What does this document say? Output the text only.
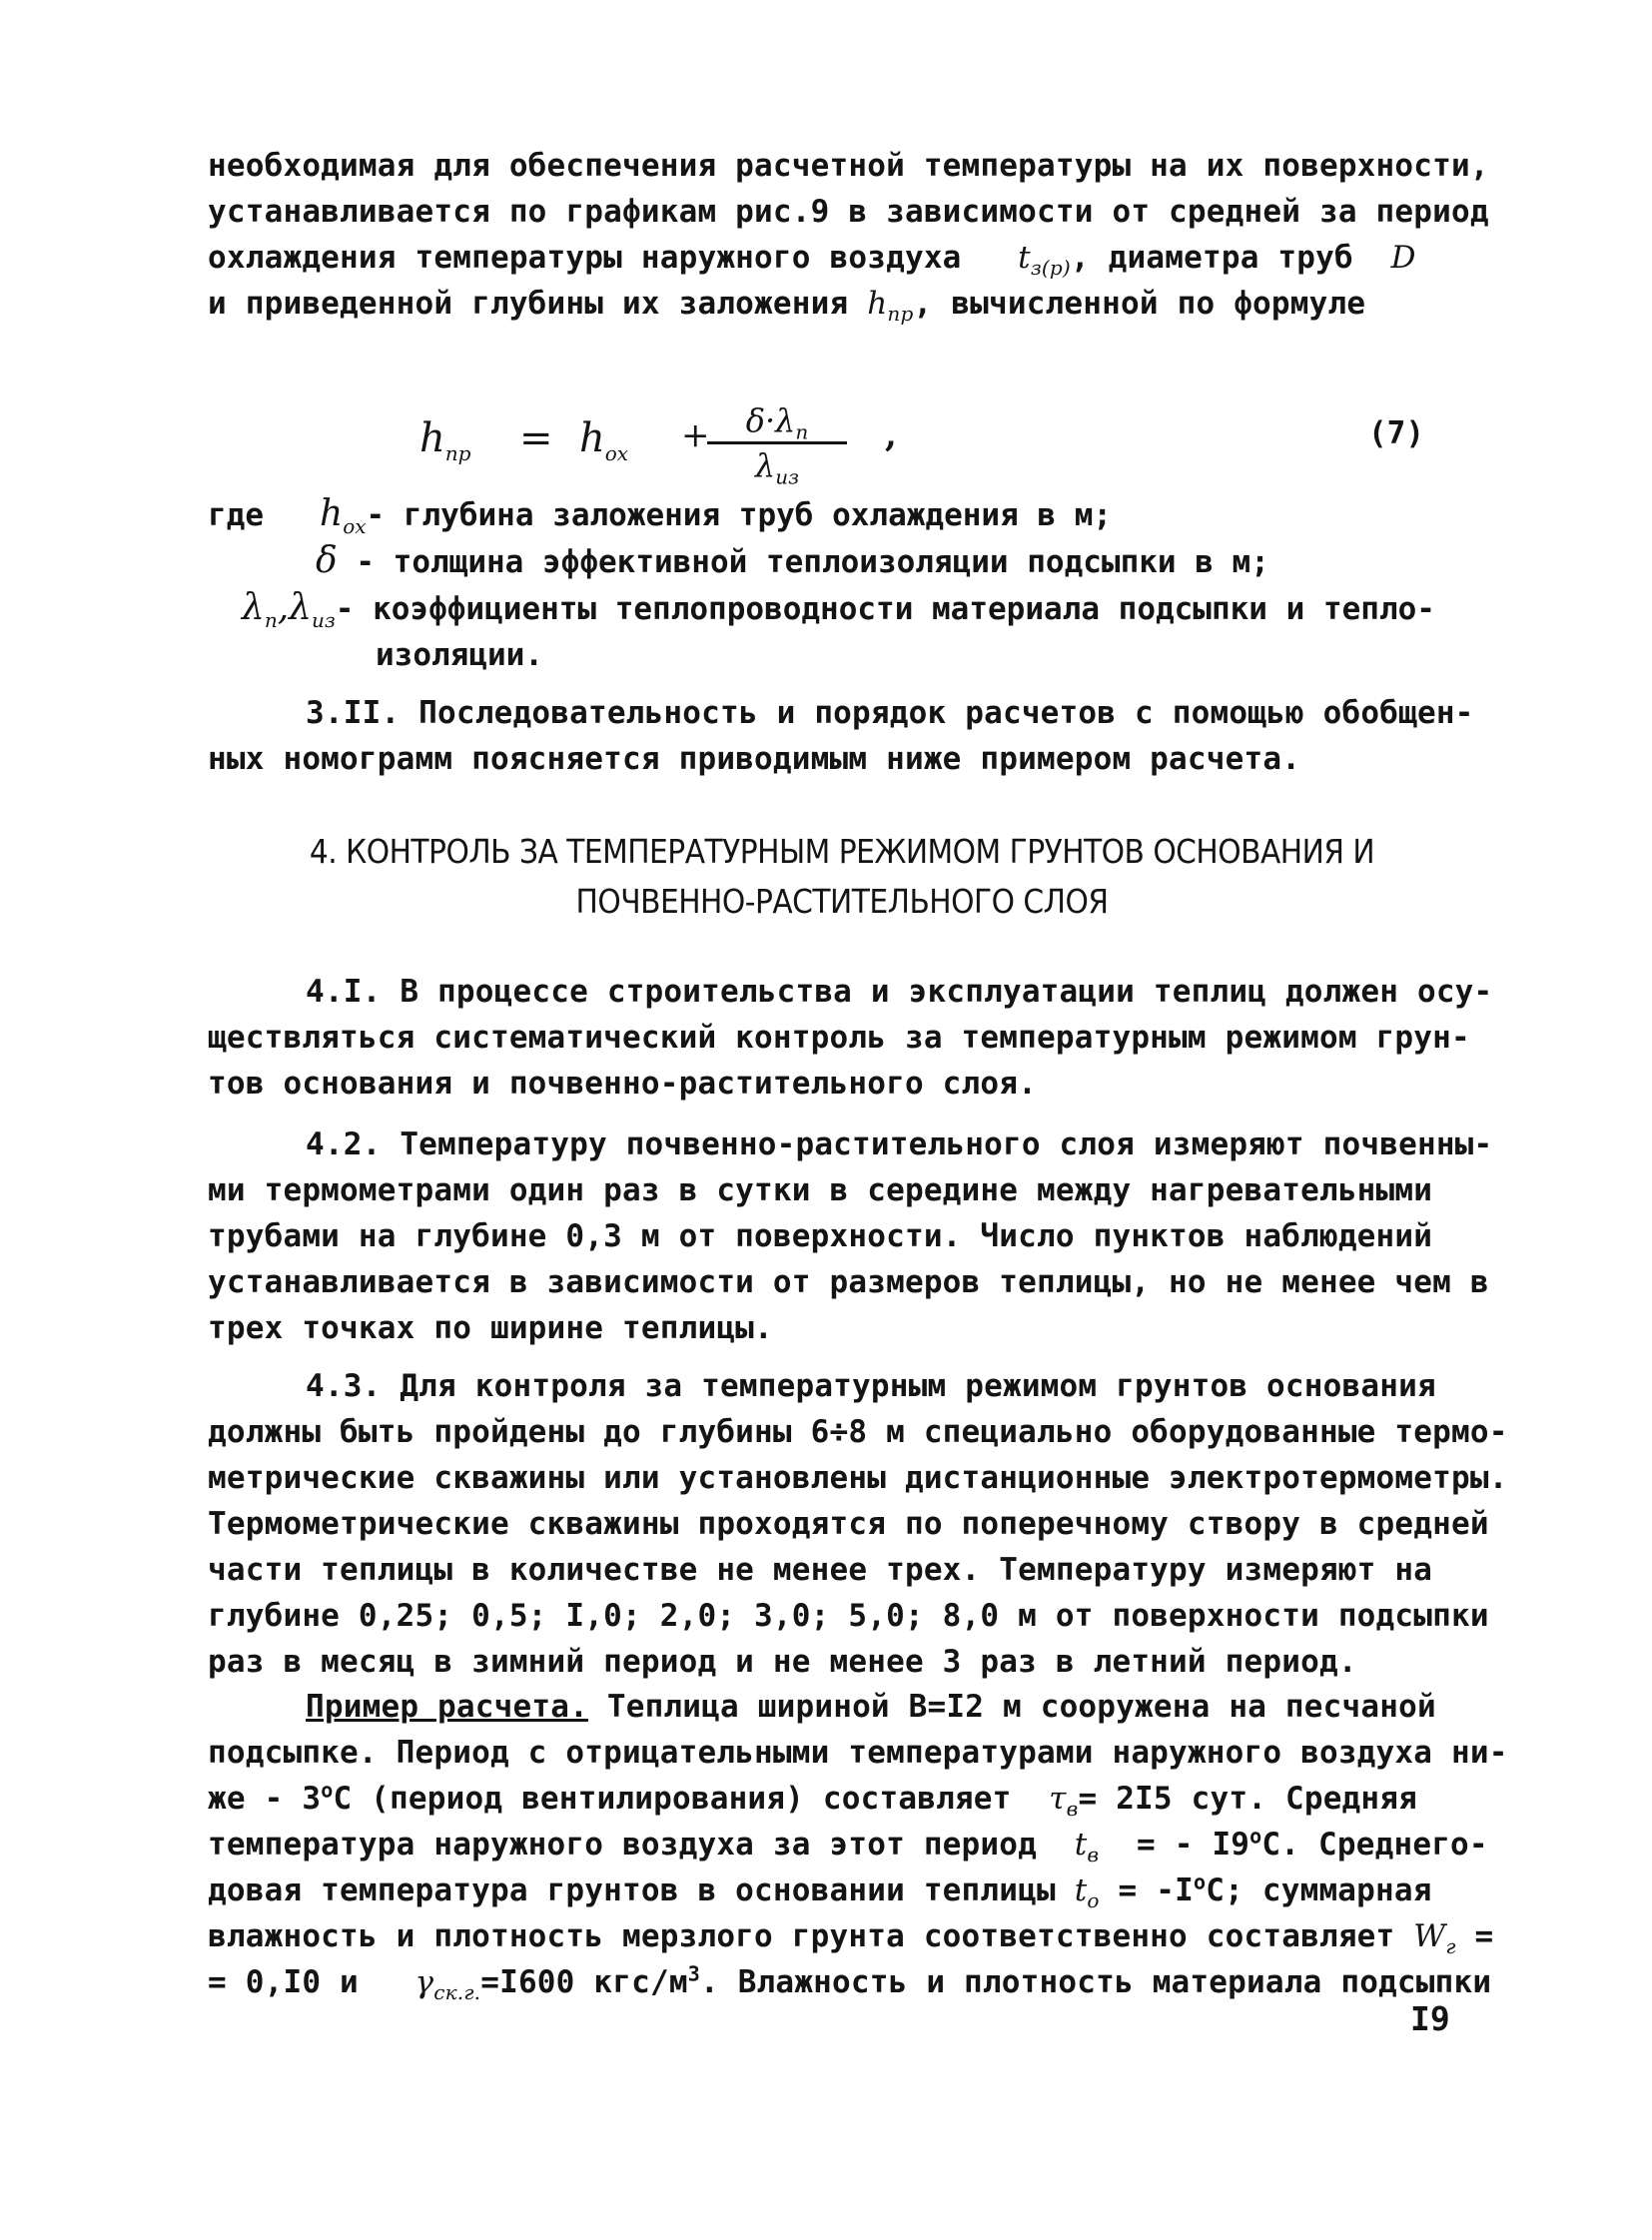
необходимая для обеспечения расчетной температуры на их поверхности,
устанавливается по графикам рис.9 в зависимости от средней за период
охлаждения температуры наружного воздуха $t_{з(р)}$, диаметра труб D
и приведенной глубины их заложения $h_{пр}$, вычисленной по формуле
$h_{пр} = h_{ох}$ +	$\delta\cdot\lambda_п$
$\lambda_{из}$
,	(7)
где $h_{ох}-$ глубина заложения труб охлаждения в м;
δ - толщина эффективной теплоизоляции подсыпки в м;
$\lambda_п,\lambda_{из}-$ коэффициенты теплопроводности материала подсыпки и тепло-
изоляции.
3.II. Последовательность и порядок расчетов с помощью обобщен-
ных номограмм поясняется приводимым ниже примером расчета.
4. КОНТРОЛЬ ЗА ТЕМПЕРАТУРНЫМ РЕЖИМОМ ГРУНТОВ ОСНОВАНИЯ И
ПОЧВЕННО-РАСТИТЕЛЬНОГО СЛОЯ
4.I. В процессе строительства и эксплуатации теплиц должен осу-
ществляться систематический контроль за температурным режимом грун-
тов основания и почвенно-растительного слоя.
4.2. Температуру почвенно-растительного слоя измеряют почвенны-
ми термометрами один раз в сутки в середине между нагревательными
трубами на глубине 0,3 м от поверхности. Число пунктов наблюдений
устанавливается в зависимости от размеров теплицы, но не менее чем в
трех точках по ширине теплицы.
4.3. Для контроля за температурным режимом грунтов основания
должны быть пройдены до глубины 6÷8 м специально оборудованные термо-
метрические скважины или установлены дистанционные электротермометры.
Термометрические скважины проходятся по поперечному створу в средней
части теплицы в количестве не менее трех. Температуру измеряют на
глубине 0,25; 0,5; I,0; 2,0; 3,0; 5,0; 8,0 м от поверхности подсыпки
раз в месяц в зимний период и не менее 3 раз в летний период.
Пример расчета. Теплица шириной В=I2 м сооружена на песчаной
подсыпке. Период с отрицательными температурами наружного воздуха ни-
же - $3^оС$ (период вентилирования) составляет $\tau_в= 2I5$ сут. Средняя
температура наружного воздуха за этот период $t_в$ = - $I9^оС$. Среднего-
довая температура грунтов в основании теплицы $t_о = -I^оС$; суммарная
влажность и плотность мерзлого грунта соответственно составляет $W_г$ =
= 0,I0 и $\gamma_{ск.г.}=I600$ кгс/$м^3$. Влажность и плотность материала подсыпки
I9
